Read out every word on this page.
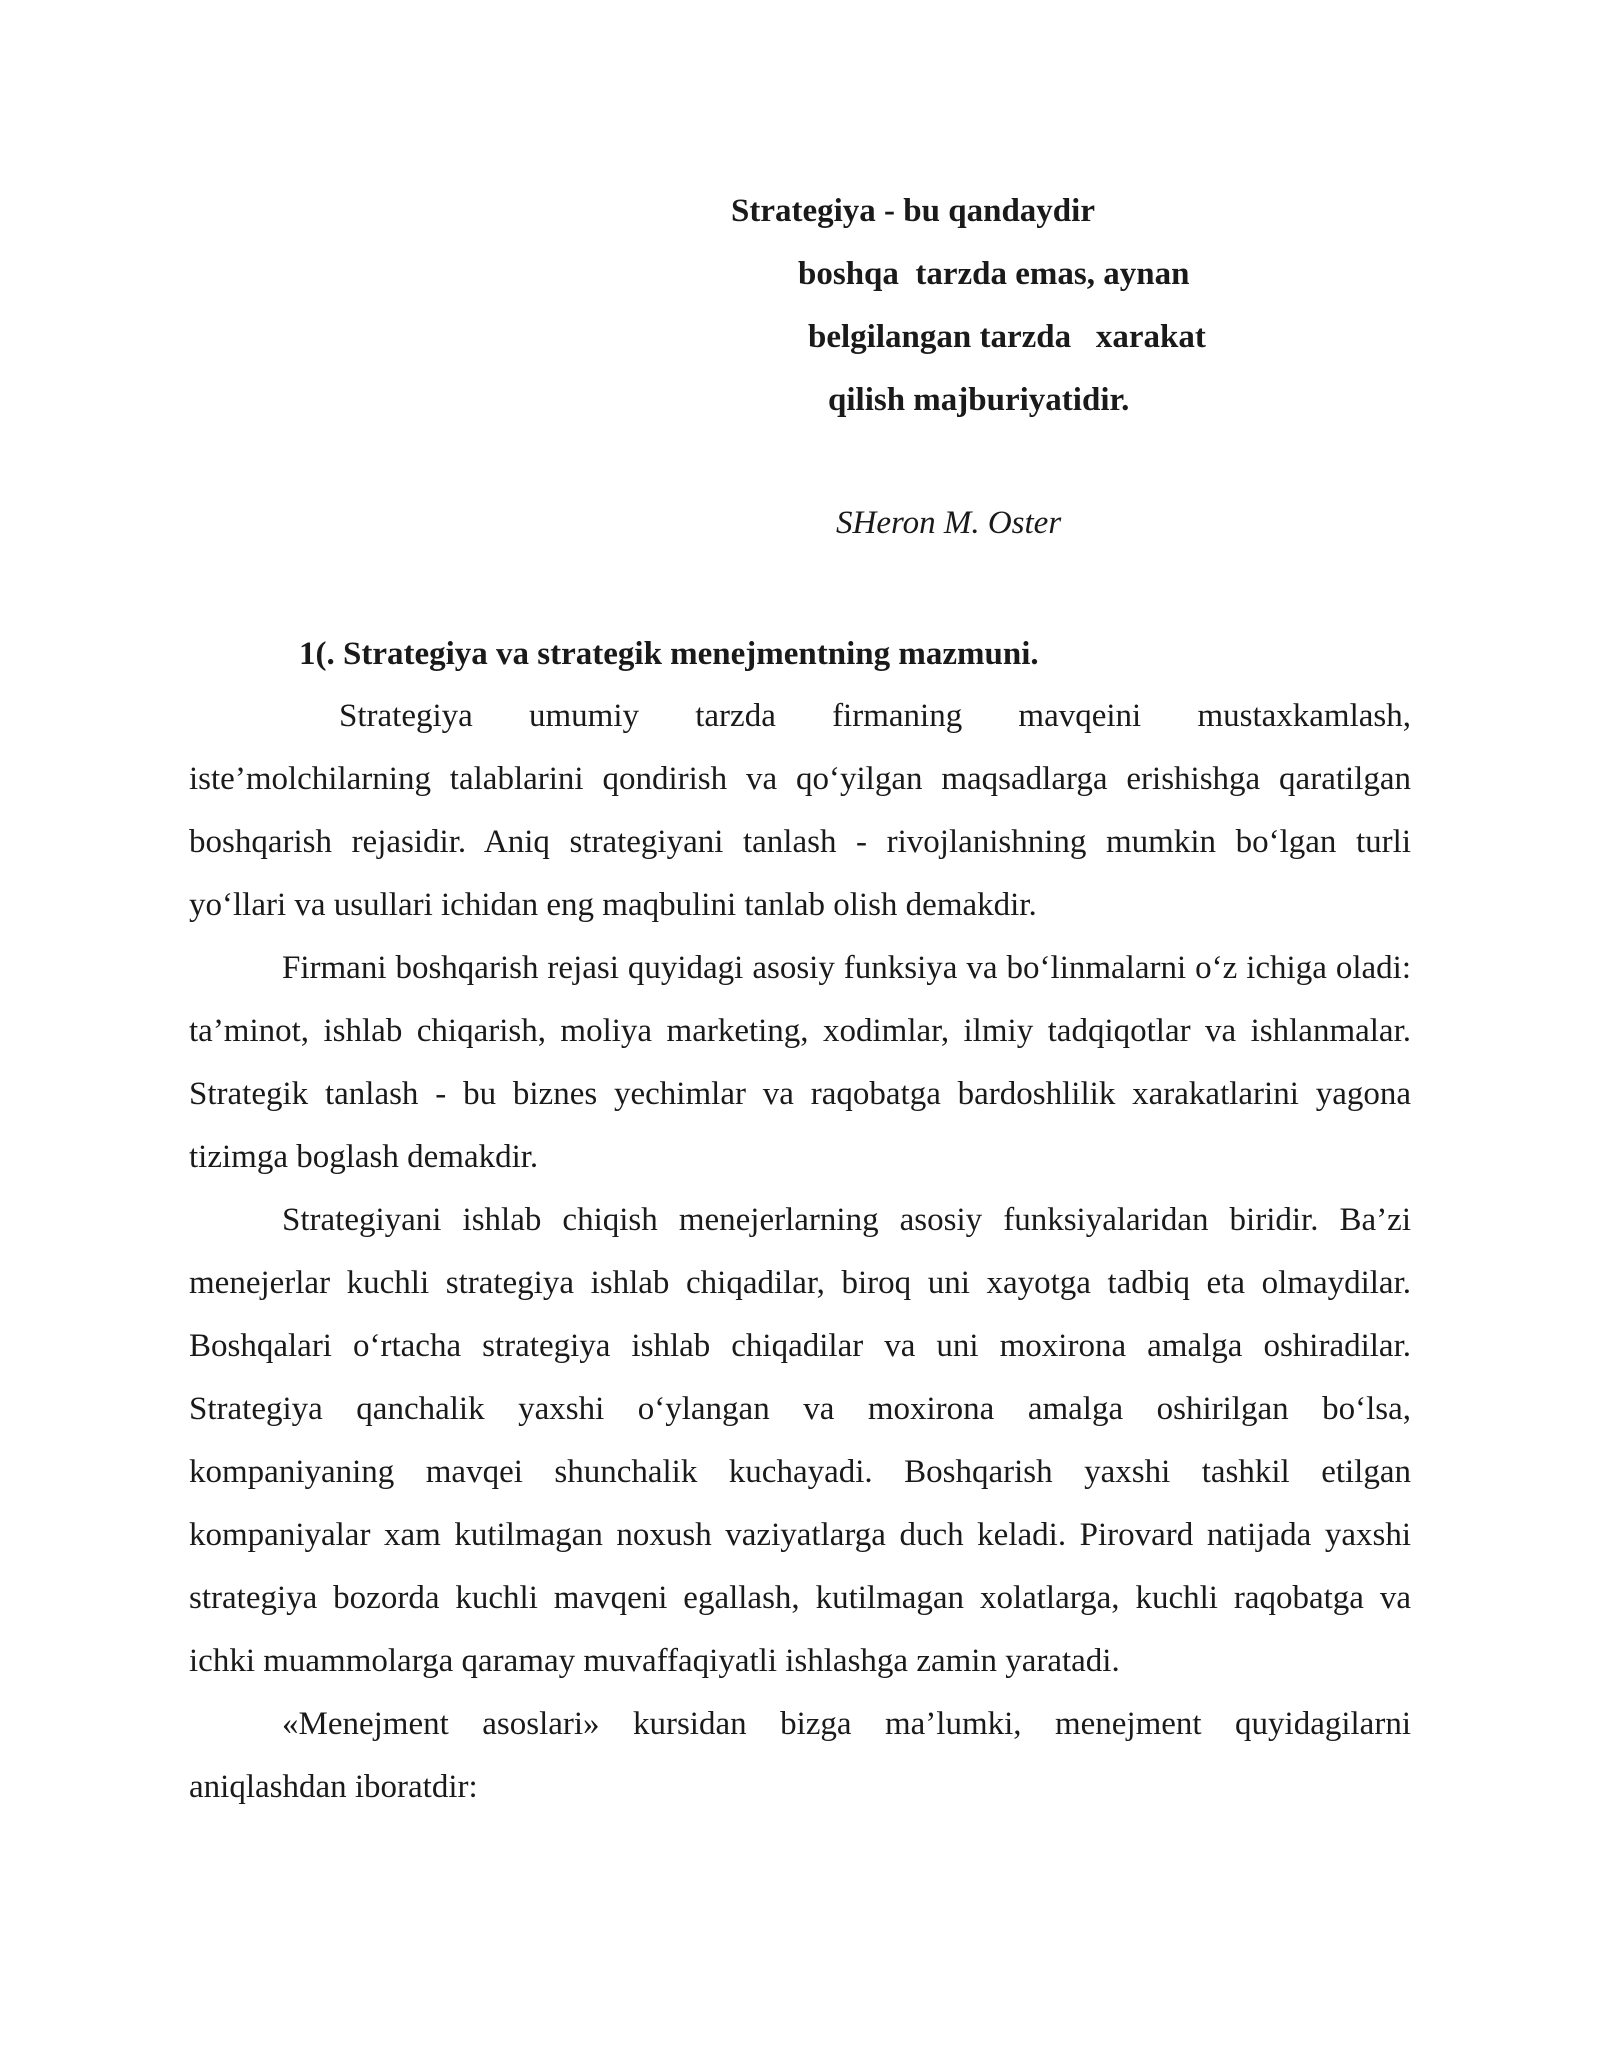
Strategiya - bu qandaydir
boshqa  tarzda emas, aynan
belgilangan tarzda   xarakat
qilish majburiyatidir.
SHeron M. Oster
1(. Strategiya va strategik menejmentning mazmuni.

Strategiya umumiy tarzda firmaning mavqeini mustaxkamlash, iste’molchilarning talablarini qondirish va qo‘yilgan maqsadlarga erishishga qaratilgan boshqarish rejasidir. Aniq strategiyani tanlash - rivojlanishning mumkin bo‘lgan turli yo‘llari va usullari ichidan eng maqbulini tanlab olish demakdir.

Firmani boshqarish rejasi quyidagi asosiy funksiya va bo‘linmalarni o‘z ichiga oladi: ta’minot, ishlab chiqarish, moliya marketing, xodimlar, ilmiy tadqiqotlar va ishlanmalar. Strategik tanlash - bu biznes yechimlar va raqobatga bardoshlilik xarakatlarini yagona tizimga boglash demakdir.

Strategiyani ishlab chiqish menejerlarning asosiy funksiyalaridan biridir. Ba’zi menejerlar kuchli strategiya ishlab chiqadilar, biroq uni xayotga tadbiq eta olmaydilar. Boshqalari o‘rtacha strategiya ishlab chiqadilar va uni moxirona amalga oshiradilar. Strategiya qanchalik yaxshi o‘ylangan va moxirona amalga oshirilgan bo‘lsa, kompaniyaning mavqei shunchalik kuchayadi. Boshqarish yaxshi tashkil etilgan kompaniyalar xam kutilmagan noxush vaziyatlarga duch keladi. Pirovard natijada yaxshi strategiya bozorda kuchli mavqeni egallash, kutilmagan xolatlarga, kuchli raqobatga va ichki muammolarga qaramay muvaffaqiyatli ishlashga zamin yaratadi.

«Menejment asoslari» kursidan bizga ma’lumki, menejment quyidagilarni aniqlashdan iboratdir:
